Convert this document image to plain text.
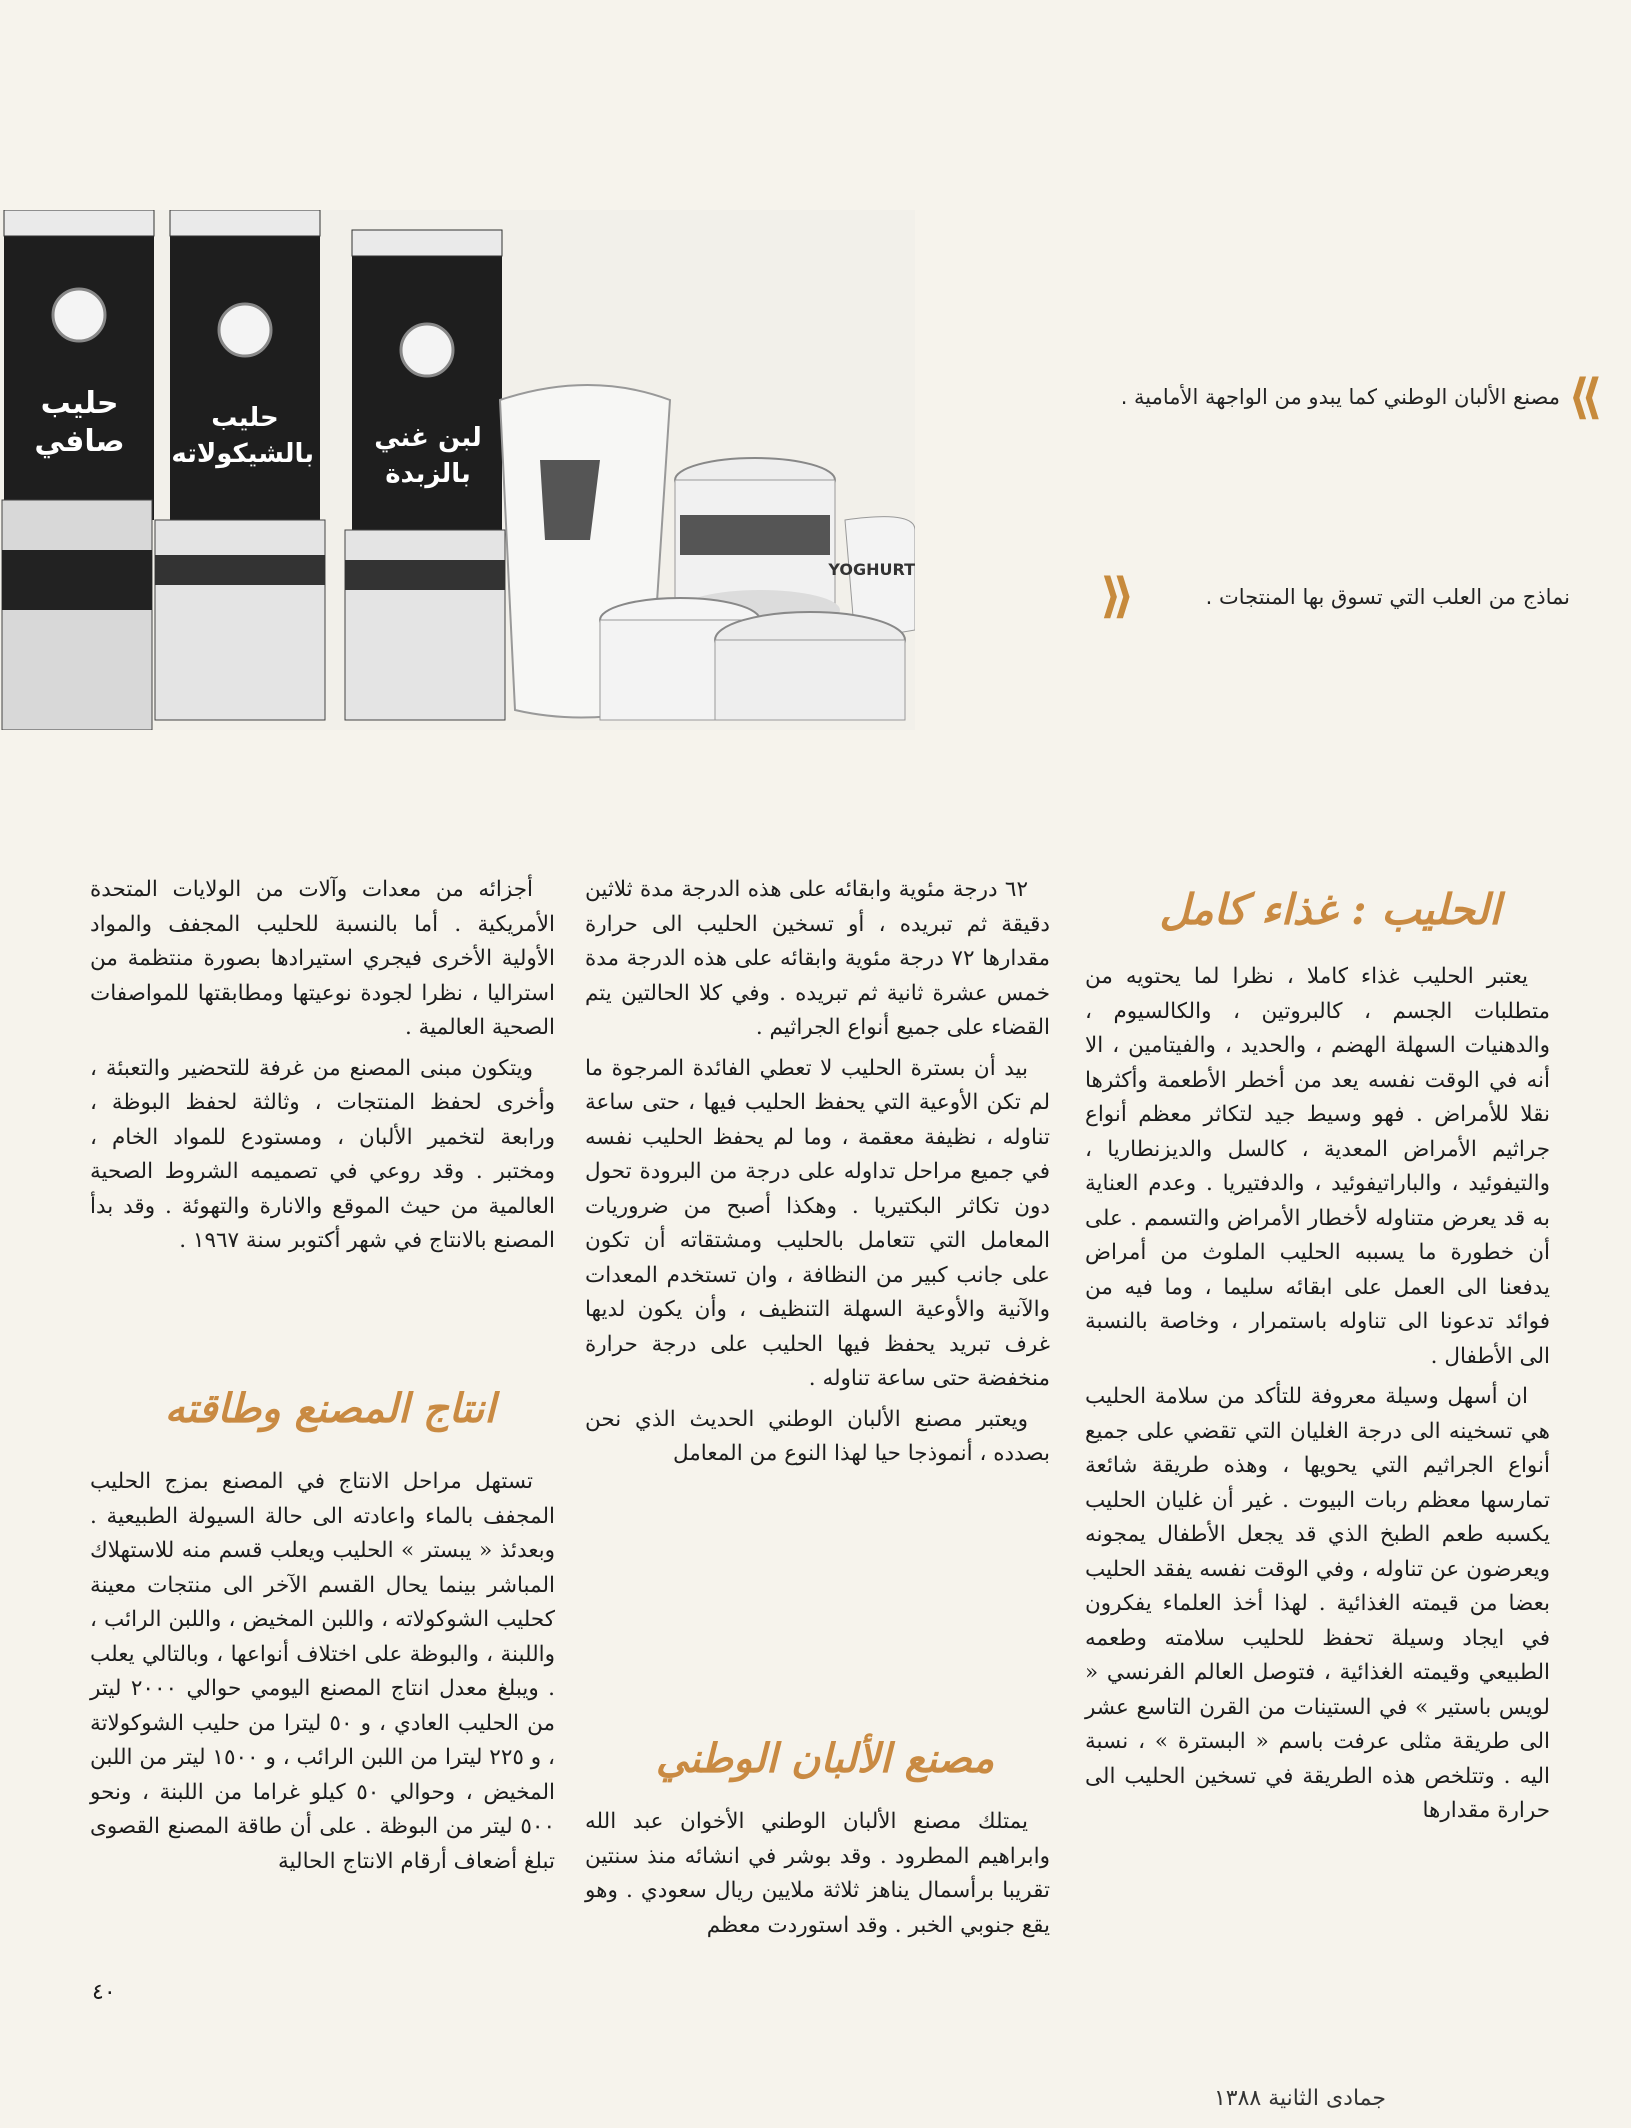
حليب صافي
حليب بالشيكولاته
لبن غني بالزبدة
YOGHURT
⟪
مصنع الألبان الوطني كما يبدو من الواجهة الأمامية .
⟫	نماذج من العلب التي تسوق بها المنتجات .
الحليب : غذاء كامل

يعتبر الحليب غذاء كاملا ، نظرا لما يحتويه من متطلبات الجسم ، كالبروتين ، والكالسيوم ، والدهنيات السهلة الهضم ، والحديد ، والفيتامين ، الا أنه في الوقت نفسه يعد من أخطر الأطعمة وأكثرها نقلا للأمراض . فهو وسيط جيد لتكاثر معظم أنواع جراثيم الأمراض المعدية ، كالسل والديزنطاريا ، والتيفوئيد ، والباراتيفوئيد ، والدفتيريا . وعدم العناية به قد يعرض متناوله لأخطار الأمراض والتسمم . على أن خطورة ما يسببه الحليب الملوث من أمراض يدفعنا الى العمل على ابقائه سليما ، وما فيه من فوائد تدعونا الى تناوله باستمرار ، وخاصة بالنسبة الى الأطفال .

ان أسهل وسيلة معروفة للتأكد من سلامة الحليب هي تسخينه الى درجة الغليان التي تقضي على جميع أنواع الجراثيم التي يحويها ، وهذه طريقة شائعة تمارسها معظم ربات البيوت . غير أن غليان الحليب يكسبه طعم الطبخ الذي قد يجعل الأطفال يمجونه ويعرضون عن تناوله ، وفي الوقت نفسه يفقد الحليب بعضا من قيمته الغذائية . لهذا أخذ العلماء يفكرون في ايجاد وسيلة تحفظ للحليب سلامته وطعمه الطبيعي وقيمته الغذائية ، فتوصل العالم الفرنسي « لويس باستير » في الستينات من القرن التاسع عشر الى طريقة مثلى عرفت باسم « البسترة » ، نسبة اليه . وتتلخص هذه الطريقة في تسخين الحليب الى حرارة مقدارها

٦٢ درجة مئوية وابقائه على هذه الدرجة مدة ثلاثين دقيقة ثم تبريده ، أو تسخين الحليب الى حرارة مقدارها ٧٢ درجة مئوية وابقائه على هذه الدرجة مدة خمس عشرة ثانية ثم تبريده . وفي كلا الحالتين يتم القضاء على جميع أنواع الجراثيم .

بيد أن بسترة الحليب لا تعطي الفائدة المرجوة ما لم تكن الأوعية التي يحفظ الحليب فيها ، حتى ساعة تناوله ، نظيفة معقمة ، وما لم يحفظ الحليب نفسه في جميع مراحل تداوله على درجة من البرودة تحول دون تكاثر البكتيريا . وهكذا أصبح من ضروريات المعامل التي تتعامل بالحليب ومشتقاته أن تكون على جانب كبير من النظافة ، وان تستخدم المعدات والآنية والأوعية السهلة التنظيف ، وأن يكون لديها غرف تبريد يحفظ فيها الحليب على درجة حرارة منخفضة حتى ساعة تناوله .

ويعتبر مصنع الألبان الوطني الحديث الذي نحن بصدده ، أنموذجا حيا لهذا النوع من المعامل

مصنع الألبان الوطني

يمتلك مصنع الألبان الوطني الأخوان عبد الله وابراهيم المطرود . وقد بوشر في انشائه منذ سنتين تقريبا برأسمال يناهز ثلاثة ملايين ريال سعودي . وهو يقع جنوبي الخبر . وقد استوردت معظم

أجزائه من معدات وآلات من الولايات المتحدة الأمريكية . أما بالنسبة للحليب المجفف والمواد الأولية الأخرى فيجري استيرادها بصورة منتظمة من استراليا ، نظرا لجودة نوعيتها ومطابقتها للمواصفات الصحية العالمية .

ويتكون مبنى المصنع من غرفة للتحضير والتعبئة ، وأخرى لحفظ المنتجات ، وثالثة لحفظ البوظة ، ورابعة لتخمير الألبان ، ومستودع للمواد الخام ، ومختبر . وقد روعي في تصميمه الشروط الصحية العالمية من حيث الموقع والانارة والتهوئة . وقد بدأ المصنع بالانتاج في شهر أكتوبر سنة ١٩٦٧ .

انتاج المصنع وطاقته

تستهل مراحل الانتاج في المصنع بمزج الحليب المجفف بالماء واعادته الى حالة السيولة الطبيعية . وبعدئذ « يبستر » الحليب ويعلب قسم منه للاستهلاك المباشر بينما يحال القسم الآخر الى منتجات معينة كحليب الشوكولاته ، واللبن المخيض ، واللبن الرائب ، واللبنة ، والبوظة على اختلاف أنواعها ، وبالتالي يعلب . ويبلغ معدل انتاج المصنع اليومي حوالي ٢٠٠٠ ليتر من الحليب العادي ، و ٥٠ ليترا من حليب الشوكولاتة ، و ٢٢٥ ليترا من اللبن الرائب ، و ١٥٠٠ ليتر من اللبن المخيض ، وحوالي ٥٠ كيلو غراما من اللبنة ، ونحو ٥٠٠ ليتر من البوظة . على أن طاقة المصنع القصوى تبلغ أضعاف أرقام الانتاج الحالية

٤٠
جمادى الثانية ١٣٨٨
